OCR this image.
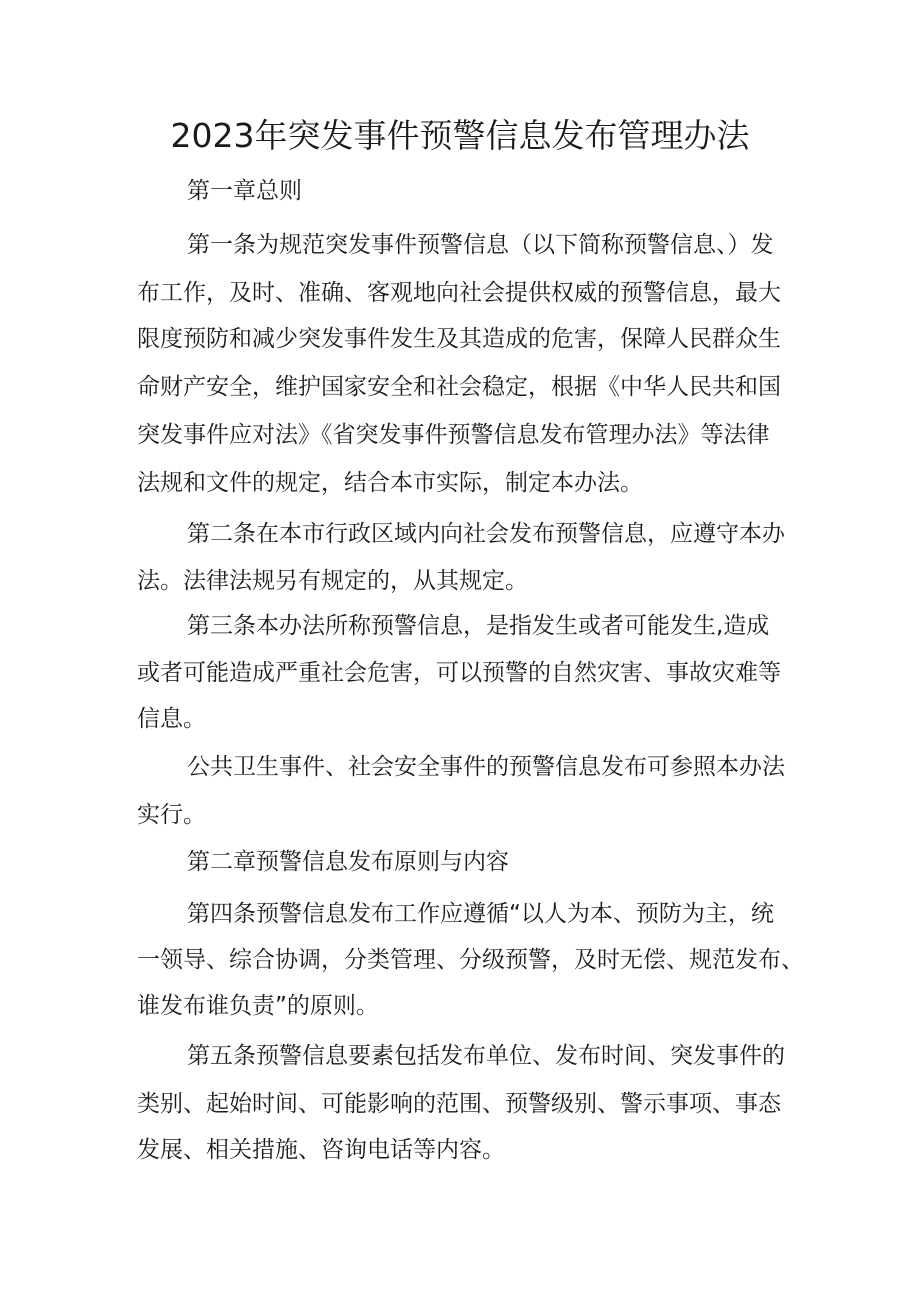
2023年突发事件预警信息发布管理办法

第一章总则

第一条为规范突发事件预警信息（以下简称预警信息、）发

布工作，及时、准确、客观地向社会提供权威的预警信息，最大

限度预防和减少突发事件发生及其造成的危害，保障人民群众生

命财产安全，维护国家安全和社会稳定，根据《中华人民共和国

突发事件应对法》《省突发事件预警信息发布管理办法》等法律

法规和文件的规定，结合本市实际，制定本办法。

第二条在本市行政区域内向社会发布预警信息，应遵守本办

法。法律法规另有规定的，从其规定。

第三条本办法所称预警信息，是指发生或者可能发生,造成

或者可能造成严重社会危害，可以预警的自然灾害、事故灾难等

信息。

公共卫生事件、社会安全事件的预警信息发布可参照本办法

实行。

第二章预警信息发布原则与内容

第四条预警信息发布工作应遵循“以人为本、预防为主，统

一领导、综合协调，分类管理、分级预警，及时无偿、规范发布、

谁发布谁负责”的原则。

第五条预警信息要素包括发布单位、发布时间、突发事件的

类别、起始时间、可能影响的范围、预警级别、警示事项、事态

发展、相关措施、咨询电话等内容。
